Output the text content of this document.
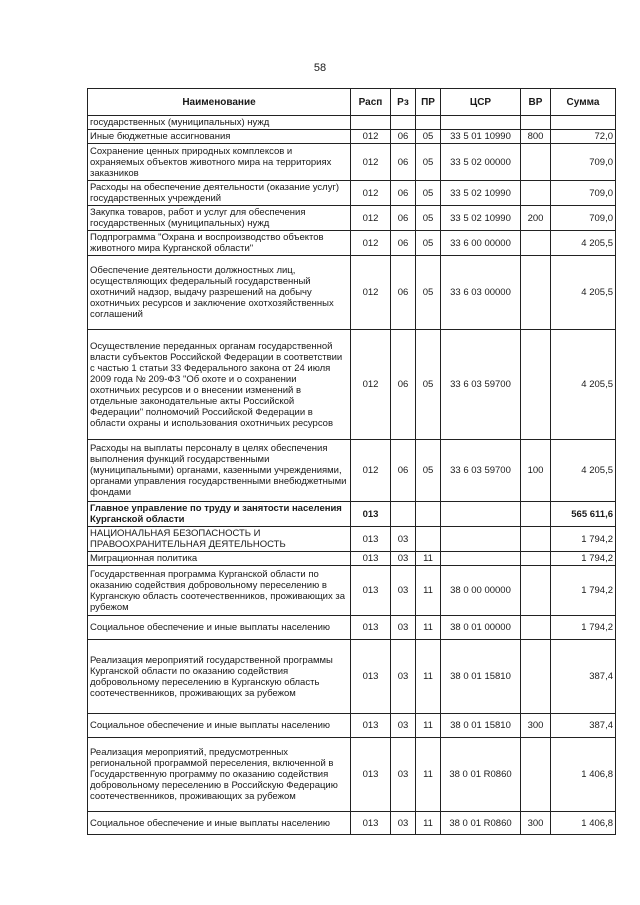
58
Наименование	Расп	Рз	ПР	ЦСР	ВР	Сумма
государственных (муниципальных) нужд						
Иные бюджетные ассигнования	012	06	05	33 5 01 10990	800	72,0
Сохранение ценных природных комплексов и охраняемых объектов животного мира на территориях заказников	012	06	05	33 5 02 00000		709,0
Расходы на обеспечение деятельности (оказание услуг) государственных учреждений	012	06	05	33 5 02 10990		709,0
Закупка товаров, работ и услуг для обеспечения государственных (муниципальных) нужд	012	06	05	33 5 02 10990	200	709,0
Подпрограмма "Охрана и воспроизводство объектов животного мира Курганской области"	012	06	05	33 6 00 00000		4 205,5
Обеспечение деятельности должностных лиц, осуществляющих федеральный государственный охотничий надзор, выдачу разрешений на добычу охотничьих ресурсов и заключение охотхозяйственных соглашений	012	06	05	33 6 03 00000		4 205,5
Осуществление переданных органам государственной власти субъектов Российской Федерации в соответствии с частью 1 статьи 33 Федерального закона от 24 июля 2009 года № 209-ФЗ "Об охоте и о сохранении охотничьих ресурсов и о внесении изменений в отдельные законодательные акты Российской Федерации" полномочий Российской Федерации в области охраны и использования охотничьих ресурсов	012	06	05	33 6 03 59700		4 205,5
Расходы на выплаты персоналу в целях обеспечения выполнения функций государственными (муниципальными) органами, казенными учреждениями, органами управления государственными внебюджетными фондами	012	06	05	33 6 03 59700	100	4 205,5
Главное управление по труду и занятости населения Курганской области	013					565 611,6
НАЦИОНАЛЬНАЯ БЕЗОПАСНОСТЬ И ПРАВООХРАНИТЕЛЬНАЯ ДЕЯТЕЛЬНОСТЬ	013	03				1 794,2
Миграционная политика	013	03	11			1 794,2
Государственная программа Курганской области по оказанию содействия добровольному переселению в Курганскую область соотечественников, проживающих за рубежом	013	03	11	38 0 00 00000		1 794,2
Социальное обеспечение и иные выплаты населению	013	03	11	38 0 01 00000		1 794,2
Реализация мероприятий государственной программы Курганской области по оказанию содействия добровольному переселению в Курганскую область соотечественников, проживающих за рубежом	013	03	11	38 0 01 15810		387,4
Социальное обеспечение и иные выплаты населению	013	03	11	38 0 01 15810	300	387,4
Реализация мероприятий, предусмотренных региональной программой переселения, включенной в Государственную программу по оказанию содействия добровольному переселению в Российскую Федерацию соотечественников, проживающих за рубежом	013	03	11	38 0 01 R0860		1 406,8
Социальное обеспечение и иные выплаты населению	013	03	11	38 0 01 R0860	300	1 406,8
